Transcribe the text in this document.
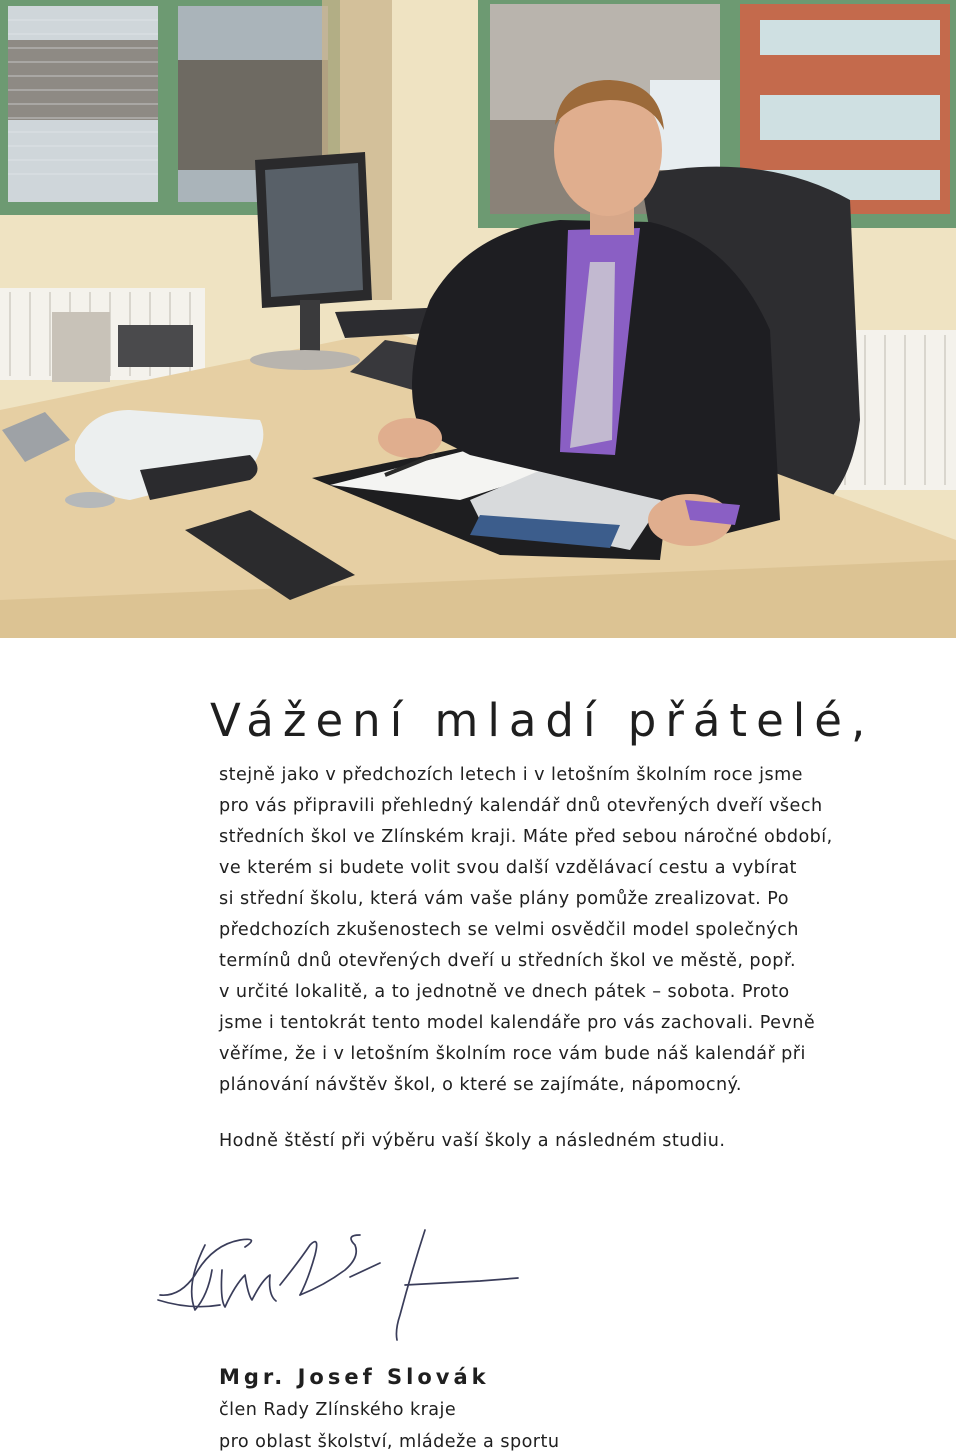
Vážení mladí přátelé,
stejně jako v předchozích letech i v letošním školním roce jsme
pro vás připravili přehledný kalendář dnů otevřených dveří všech
středních škol ve Zlínském kraji. Máte před sebou náročné období,
ve kterém si budete volit svou další vzdělávací cestu a vybírat
si střední školu, která vám vaše plány pomůže zrealizovat. Po
předchozích zkušenostech se velmi osvědčil model společných
termínů dnů otevřených dveří u středních škol ve městě, popř.
v určité lokalitě, a to jednotně ve dnech pátek – sobota. Proto
jsme i tentokrát tento model kalendáře pro vás zachovali. Pevně
věříme, že i v letošním školním roce vám bude náš kalendář při
plánování návštěv škol, o které se zajímáte, nápomocný.
Hodně štěstí při výběru vaší školy a následném studiu.
Mgr. Josef Slovák
člen Rady Zlínského kraje
pro oblast školství, mládeže a sportu
